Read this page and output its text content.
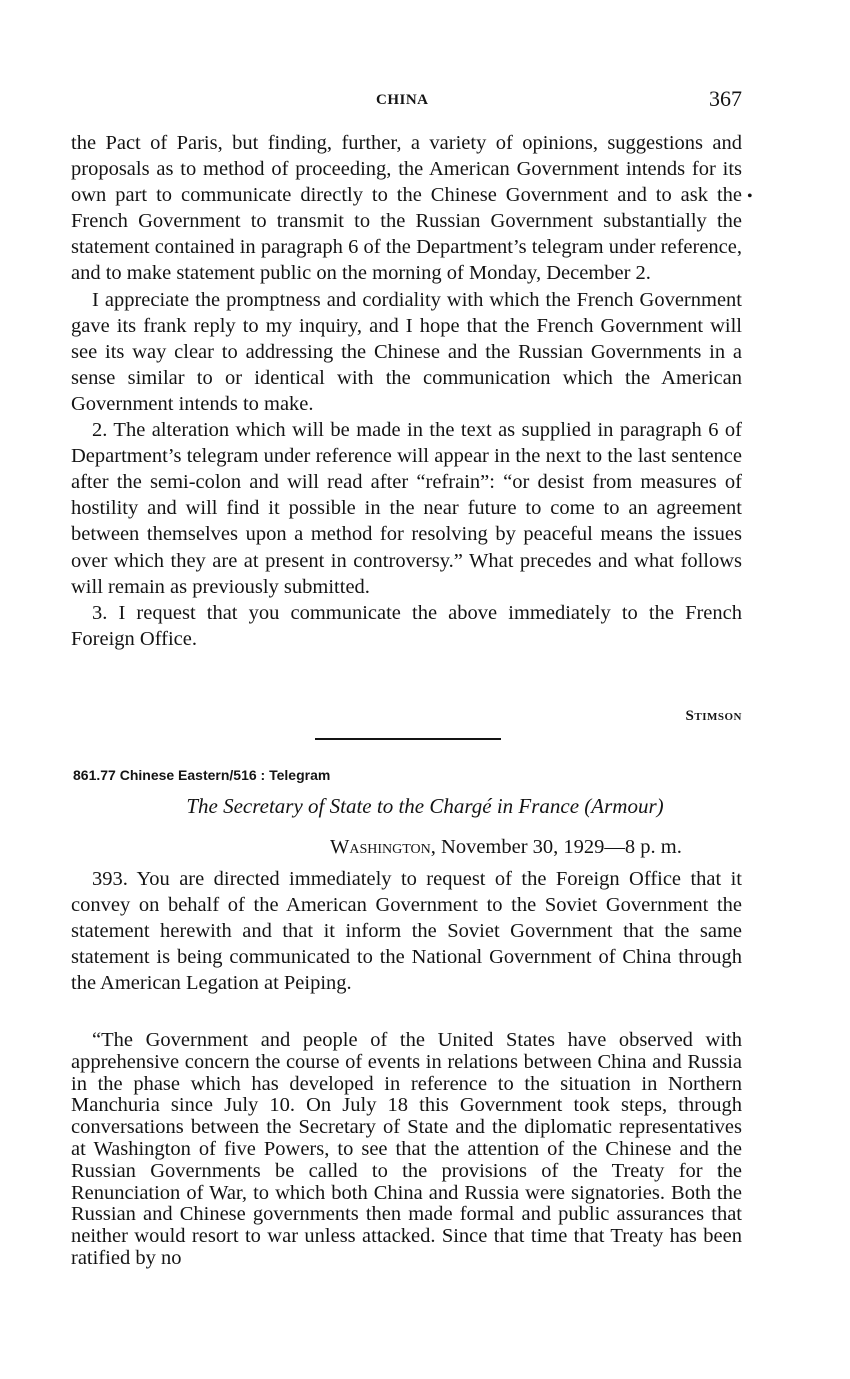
CHINA	367
•

the Pact of Paris, but finding, further, a variety of opinions, suggestions and proposals as to method of proceeding, the American Government intends for its own part to communicate directly to the Chinese Government and to ask the French Government to transmit to the Russian Government substantially the statement contained in paragraph 6 of the Department’s telegram under reference, and to make statement public on the morning of Monday, December 2.

I appreciate the promptness and cordiality with which the French Government gave its frank reply to my inquiry, and I hope that the French Government will see its way clear to addressing the Chinese and the Russian Governments in a sense similar to or identical with the communication which the American Government intends to make.

2. The alteration which will be made in the text as supplied in paragraph 6 of Department’s telegram under reference will appear in the next to the last sentence after the semi-colon and will read after “refrain”: “or desist from measures of hostility and will find it possible in the near future to come to an agreement between themselves upon a method for resolving by peaceful means the issues over which they are at present in controversy.” What precedes and what follows will remain as previously submitted.

3. I request that you communicate the above immediately to the French Foreign Office.

Stimson
861.77 Chinese Eastern/516 : Telegram
The Secretary of State to the Chargé in France (Armour)
Washington, November 30, 1929—8 p. m.

393. You are directed immediately to request of the Foreign Office that it convey on behalf of the American Government to the Soviet Government the statement herewith and that it inform the Soviet Government that the same statement is being communicated to the National Government of China through the American Legation at Peiping.

“The Government and people of the United States have observed with apprehensive concern the course of events in relations between China and Russia in the phase which has developed in reference to the situation in Northern Manchuria since July 10. On July 18 this Government took steps, through conversations between the Secretary of State and the diplomatic representatives at Washington of five Powers, to see that the attention of the Chinese and the Russian Governments be called to the provisions of the Treaty for the Renunciation of War, to which both China and Russia were signatories. Both the Russian and Chinese governments then made formal and public assurances that neither would resort to war unless attacked. Since that time that Treaty has been ratified by no
